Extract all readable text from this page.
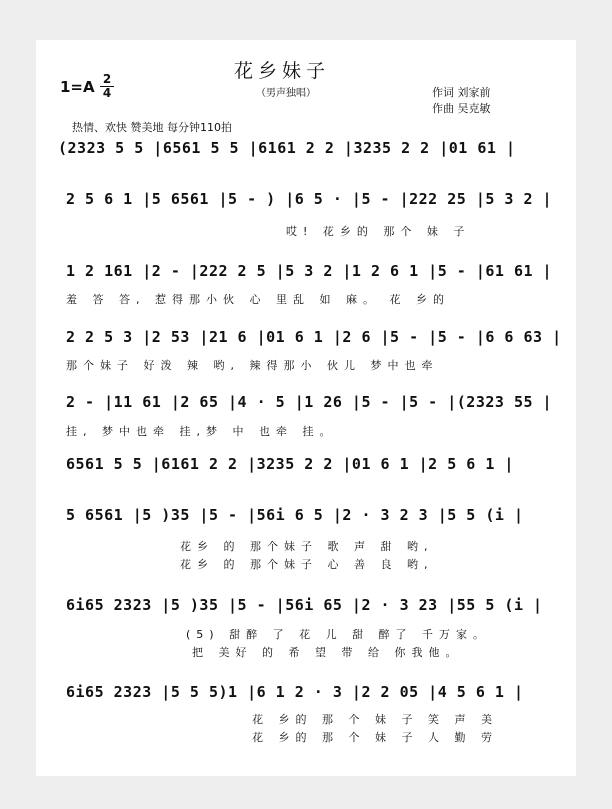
花乡妹子
（男声独唱）
1=A 2
4	作词 刘家前
作曲 吴克敏
热情、欢快 赞美地 每分钟110拍
(2323 5 5 |6561 5 5 |6161 2 2 |3235 2 2 |01 61 |
2 5 6 1 |5 6561 |5 - ) |6 5 · |5 - |222 25 |5 3 2 |
哎! 花乡的 那个 妹 子
1 2 161 |2 - |222 2 5 |5 3 2 |1 2 6 1 |5 - |61 61 |
羞 答 答, 惹得那小伙 心 里乱 如 麻。 花 乡的
2 2 5 3 |2 53 |21 6 |01 6 1 |2 6 |5 - |5 - |6 6 63 |
那个妹子 好泼 辣 哟, 辣得那小 伙儿 梦中也牵
2 - |11 61 |2 65 |4 · 5 |1 26 |5 - |5 - |(2323 55 |
挂, 梦中也牵 挂,梦 中 也牵 挂。
6561 5 5 |6161 2 2 |3235 2 2 |01 6 1 |2 5 6 1 |
5 6561 |5 )35 |5 - |56i 6 5 |2 · 3 2 3 |5 5 (i |
花乡 的 那个妹子 歌 声 甜 哟,
花乡 的 那个妹子 心 善 良 哟,
6i65 2323 |5 )35 |5 - |56i 65 |2 · 3 23 |55 5 (i |
(5) 甜醉 了 花 儿 甜 醉了 千万家。
把 美好 的 希 望 带 给 你我他。
6i65 2323 |5 5 5)1 |6 1 2 · 3 |2 2 05 |4 5 6 1 |
花 乡的 那 个 妹 子 笑 声 美
花 乡的 那 个 妹 子 人 勤 劳
